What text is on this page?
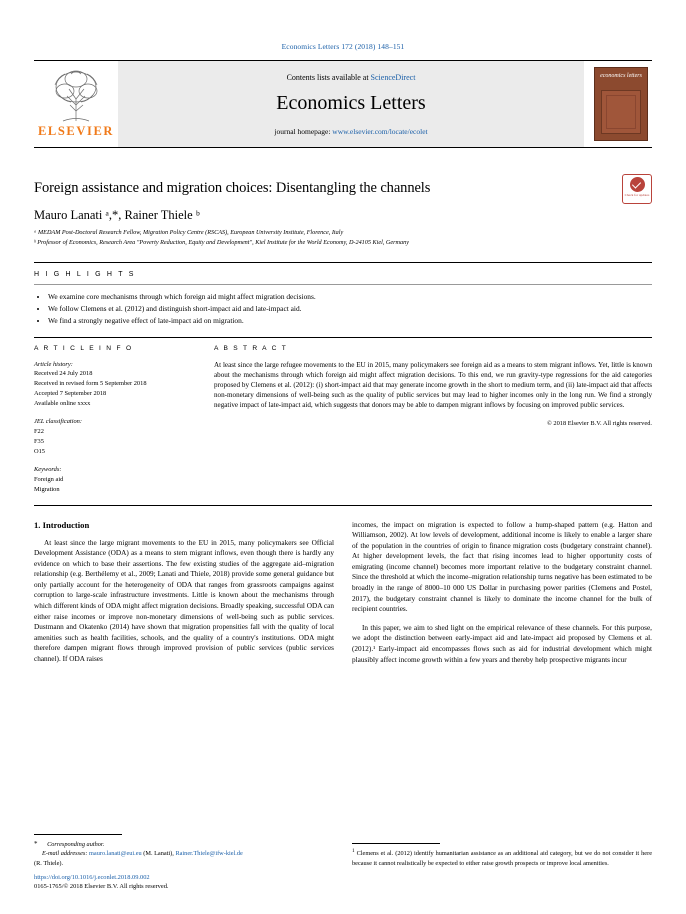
Economics Letters 172 (2018) 148–151
ELSEVIER
Contents lists available at ScienceDirect
Economics Letters
journal homepage: www.elsevier.com/locate/ecolet
economics letters
Foreign assistance and migration choices: Disentangling the channels
Mauro Lanati ᵃ,*, Rainer Thiele ᵇ
ᵃ MEDAM Post-Doctoral Research Fellow, Migration Policy Centre (RSCAS), European University Institute, Florence, Italy
ᵇ Professor of Economics, Research Area "Poverty Reduction, Equity and Development", Kiel Institute for the World Economy, D-24105 Kiel, Germany
Check for updates
H I G H L I G H T S
• We examine core mechanisms through which foreign aid might affect migration decisions.
• We follow Clemens et al. (2012) and distinguish short-impact aid and late-impact aid.
• We find a strongly negative effect of late-impact aid on migration.
A R T I C L E I N F O
Article history:
Received 24 July 2018
Received in revised form 5 September 2018
Accepted 7 September 2018
Available online xxxx
JEL classification:
F22
F35
O15
Keywords:
Foreign aid
Migration
A B S T R A C T
At least since the large refugee movements to the EU in 2015, many policymakers see foreign aid as a means to stem migrant inflows. Yet, little is known about the mechanisms through which foreign aid might affect migration decisions. To this end, we run gravity-type regressions for the aid categories proposed by Clemens et al. (2012): (i) short-impact aid that may generate income growth in the short to medium term, and (ii) late-impact aid that affects non-monetary dimensions of well-being such as the quality of public services but may lead to higher incomes only in the long run. We find a strongly negative impact of late-impact aid, which suggests that donors may be able to dampen migrant inflows by focusing on improved public services.
© 2018 Elsevier B.V. All rights reserved.
1. Introduction

At least since the large migrant movements to the EU in 2015, many policymakers see Official Development Assistance (ODA) as a means to stem migrant inflows, even though there is hardly any evidence on which to base their assertions. The few existing studies of the aggregate aid–migration relationship (e.g. Berthélemy et al., 2009; Lanati and Thiele, 2018) provide some general guidance but only partially account for the heterogeneity of ODA that ranges from grassroots campaigns against corruption to large-scale infrastructure investments. Little is known about the mechanisms through which different kinds of ODA might affect migration decisions. Broadly speaking, successful ODA can either raise incomes or improve non-monetary dimensions of well-being such as public services. Dustmann and Okatenko (2014) have shown that migration propensities fall with the quality of local amenities such as health facilities, schools, and the quality of a country's institutions. ODA might therefore dampen migrant flows through improved provision of public services (public services channel). If ODA raises

incomes, the impact on migration is expected to follow a hump-shaped pattern (e.g. Hatton and Williamson, 2002). At low levels of development, additional income is likely to enable a larger share of the population in the countries of origin to finance migration costs (budgetary constraint channel). At higher development levels, the fact that rising incomes lead to higher opportunity costs of emigrating (income channel) becomes more important relative to the budgetary constraint channel. Since the threshold at which the income–migration relationship turns negative has been estimated to be broadly in the range of 8000–10 000 US Dollar in purchasing power parities (Clemens and Postel, 2017), the budgetary constraint channel is likely to dominate the income channel for the bulk of recipient countries.

In this paper, we aim to shed light on the empirical relevance of these channels. For this purpose, we adopt the distinction between early-impact aid and late-impact aid proposed by Clemens et al. (2012).¹ Early-impact aid encompasses flows such as aid for industrial development which might plausibly affect income growth within a few years and thereby help prospective migrants incur

* Corresponding author.
E-mail addresses: mauro.lanati@eui.eu (M. Lanati), Rainer.Thiele@ifw-kiel.de
(R. Thiele).
$^1$ Clemens et al. (2012) identify humanitarian assistance as an additional aid category, but we do not consider it here because it cannot realistically be expected to either raise growth prospects or improve local amenities.
https://doi.org/10.1016/j.econlet.2018.09.002
0165-1765/© 2018 Elsevier B.V. All rights reserved.
